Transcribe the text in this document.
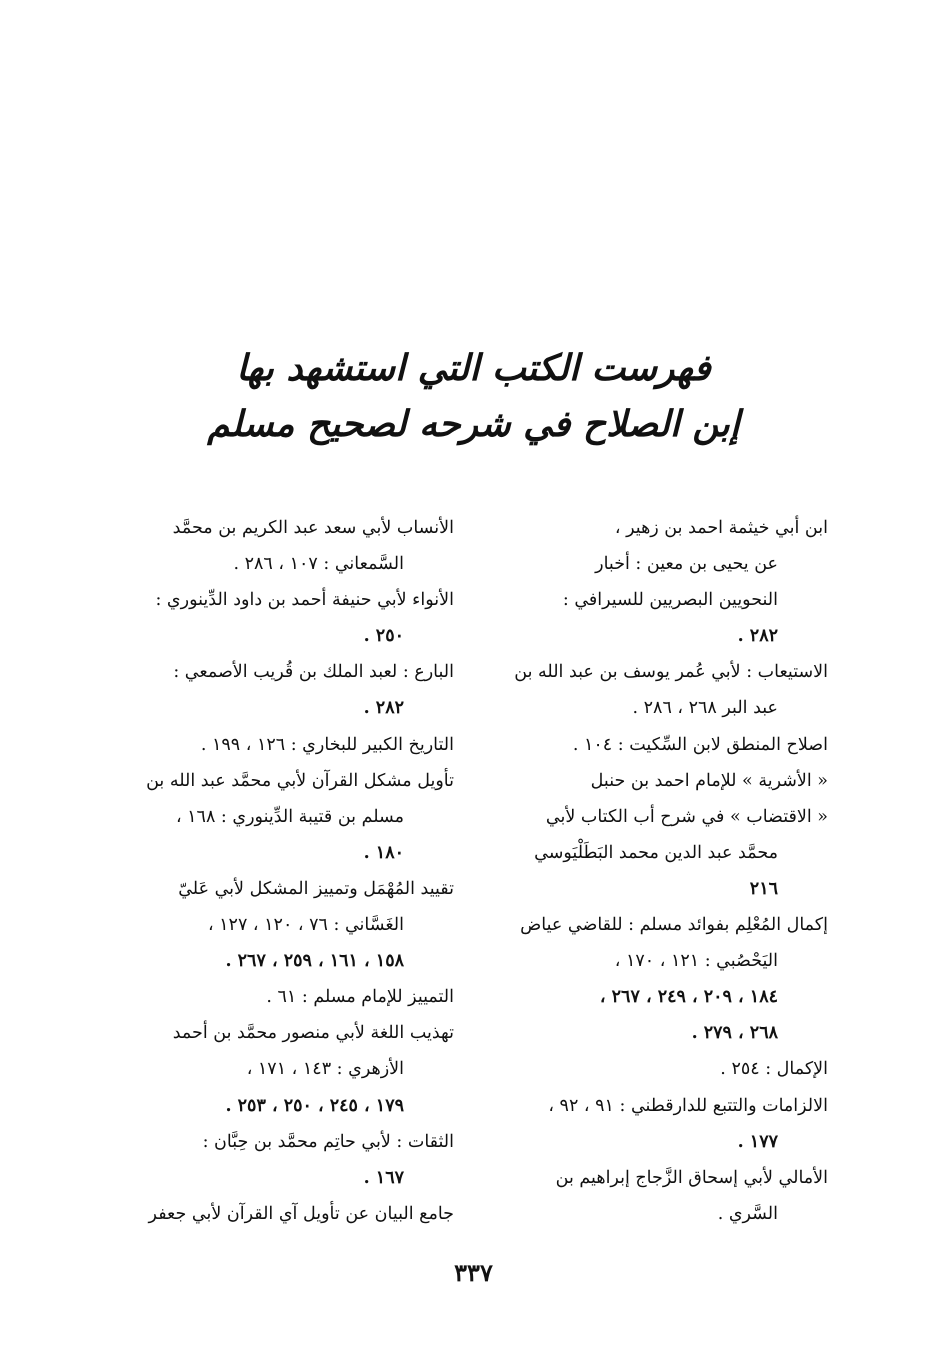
فهرست الكتب التي استشهد بها
إبن الصلاح في شرحه لصحيح مسلم
ابن أبي خيثمة احمد بن زهير ،
عن يحيى بن معين : أخبار
النحويين البصريين للسيرافي :
٢٨٢ .
الاستيعاب : لأبي عُمر يوسف بن عبد الله بن
عبد البر ٢٦٨ ، ٢٨٦ .
اصلاح المنطق لابن السِّكيت : ١٠٤ .
« الأشرية » للإمام احمد بن حنبل
« الاقتضاب » في شرح أب الكتاب لأبي
محمَّد عبد الدين محمد البَطَلْيَوسي
٢١٦
إكمال المُعْلِم بفوائد مسلم : للقاضي عياض
اليَحْصُبي : ١٢١ ، ١٧٠ ،
١٨٤ ، ٢٠٩ ، ٢٤٩ ، ٢٦٧ ،
٢٦٨ ، ٢٧٩ .
الإكمال : ٢٥٤ .
الالزامات والتتبع للدارقطني : ٩١ ، ٩٢ ،
١٧٧ .
الأمالي لأبي إسحاق الزَّجاج إبراهيم بن
السَّري .
الأنساب لأبي سعد عبد الكريم بن محمَّد
السَّمعاني : ١٠٧ ، ٢٨٦ .
الأنواء لأبي حنيفة أحمد بن داود الدِّينوري :
٢٥٠ .
البارع : لعبد الملك بن قُريب الأصمعي :
٢٨٢ .
التاريخ الكبير للبخاري : ١٢٦ ، ١٩٩ .
تأويل مشكل القرآن لأبي محمَّد عبد الله بن
مسلم بن قتيبة الدِّينوري : ١٦٨ ،
١٨٠ .
تقييد المُهْمَل وتمييز المشكل لأبي عَليّ
الغَسَّاني : ٧٦ ، ١٢٠ ، ١٢٧ ،
١٥٨ ، ١٦١ ، ٢٥٩ ، ٢٦٧ .
التمييز للإمام مسلم : ٦١ .
تهذيب اللغة لأبي منصور محمَّد بن أحمد
الأزهري : ١٤٣ ، ١٧١ ،
١٧٩ ، ٢٤٥ ، ٢٥٠ ، ٢٥٣ .
الثقات : لأبي حاتِم محمَّد بن حِبَّان :
١٦٧ .
جامع البيان عن تأويل آي القرآن لأبي جعفر
٣٣٧
